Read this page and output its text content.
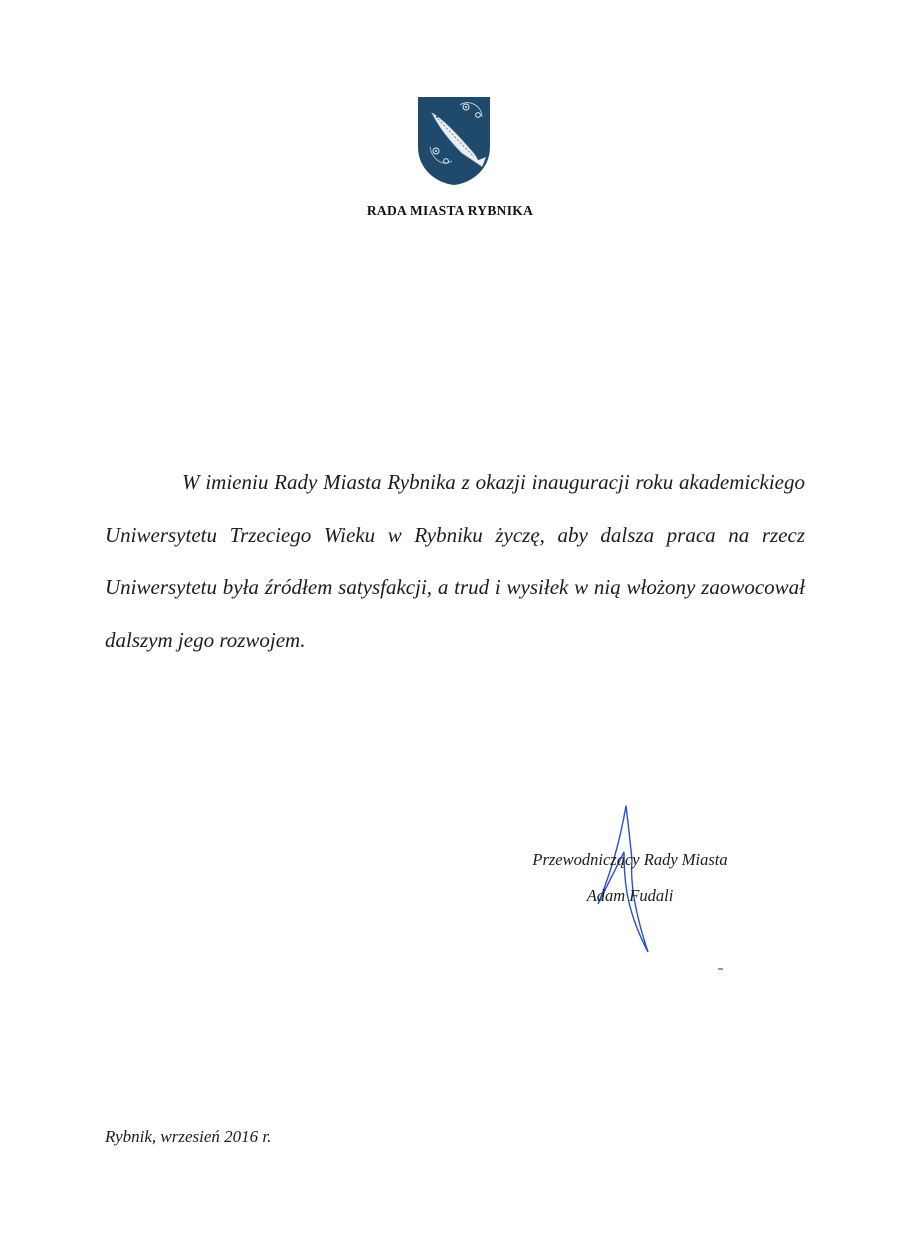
RADA MIASTA RYBNIKA
W imieniu Rady Miasta Rybnika z okazji inauguracji roku akademickiego Uniwersytetu Trzeciego Wieku w Rybniku życzę, aby dalsza praca na rzecz Uniwersytetu była źródłem satysfakcji, a trud i wysiłek w nią włożony zaowocował dalszym jego rozwojem.
Przewodniczący Rady Miasta
Adam Fudali
Rybnik, wrzesień 2016 r.
